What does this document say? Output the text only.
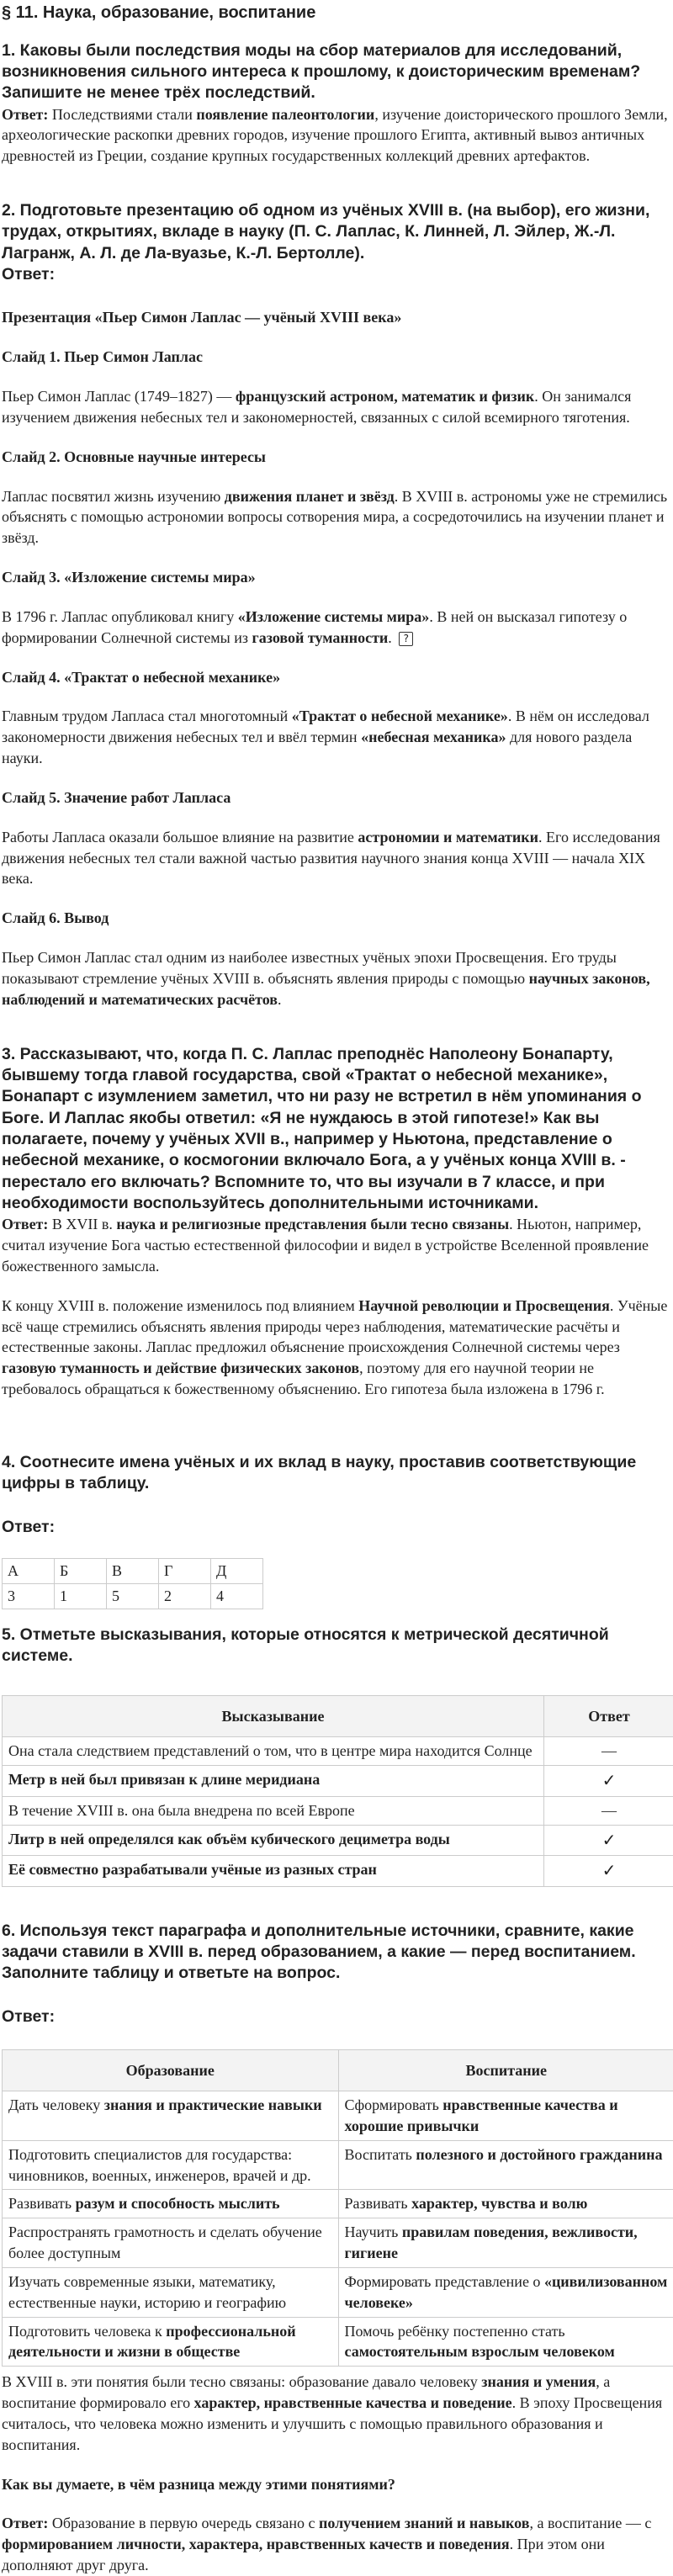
§ 11. Наука, образование, воспитание

1. Каковы были последствия моды на сбор материалов для исследований, возникновения сильного интереса к прошлому, к доисторическим временам? Запишите не менее трёх последствий.

Ответ: Последствиями стали появление палеонтологии, изучение доисторического прошлого Земли, археологические раскопки древних городов, изучение прошлого Египта, активный вывоз античных древностей из Греции, создание крупных государственных коллекций древних артефактов.

2. Подготовьте презентацию об одном из учёных XVIII в. (на выбор), его жизни, трудах, открытиях, вкладе в науку (П. С. Лаплас, К. Линней, Л. Эйлер, Ж.-Л. Лагранж, А. Л. де Ла-вуазье, К.-Л. Бертолле).

Ответ:

Презентация «Пьер Симон Лаплас — учёный XVIII века»

Слайд 1. Пьер Симон Лаплас

Пьер Симон Лаплас (1749–1827) — французский астроном, математик и физик. Он занимался изучением движения небесных тел и закономерностей, связанных с силой всемирного тяготения.

Слайд 2. Основные научные интересы

Лаплас посвятил жизнь изучению движения планет и звёзд. В XVIII в. астрономы уже не стремились объяснять с помощью астрономии вопросы сотворения мира, а сосредоточились на изучении планет и звёзд.

Слайд 3. «Изложение системы мира»

В 1796 г. Лаплас опубликовал книгу «Изложение системы мира». В ней он высказал гипотезу о формировании Солнечной системы из газовой туманности. ?

Слайд 4. «Трактат о небесной механике»

Главным трудом Лапласа стал многотомный «Трактат о небесной механике». В нём он исследовал закономерности движения небесных тел и ввёл термин «небесная механика» для нового раздела науки.

Слайд 5. Значение работ Лапласа

Работы Лапласа оказали большое влияние на развитие астрономии и математики. Его исследования движения небесных тел стали важной частью развития научного знания конца XVIII — начала XIX века.

Слайд 6. Вывод

Пьер Симон Лаплас стал одним из наиболее известных учёных эпохи Просвещения. Его труды показывают стремление учёных XVIII в. объяснять явления природы с помощью научных законов, наблюдений и математических расчётов.

3. Рассказывают, что, когда П. С. Лаплас преподнёс Наполеону Бонапарту, бывшему тогда главой государства, свой «Трактат о небесной механике», Бонапарт с изумлением заметил, что ни разу не встретил в нём упоминания о Боге. И Лаплас якобы ответил: «Я не нуждаюсь в этой гипотезе!» Как вы полагаете, почему у учёных XVII в., например у Ньютона, представление о небесной механике, о космогонии включало Бога, а у учёных конца XVIII в. - перестало его включать? Вспомните то, что вы изучали в 7 классе, и при необходимости воспользуйтесь дополнительными источниками.

Ответ: В XVII в. наука и религиозные представления были тесно связаны. Ньютон, например, считал изучение Бога частью естественной философии и видел в устройстве Вселенной проявление божественного замысла.

К концу XVIII в. положение изменилось под влиянием Научной революции и Просвещения. Учёные всё чаще стремились объяснять явления природы через наблюдения, математические расчёты и естественные законы. Лаплас предложил объяснение происхождения Солнечной системы через газовую туманность и действие физических законов, поэтому для его научной теории не требовалось обращаться к божественному объяснению. Его гипотеза была изложена в 1796 г.

4. Соотнесите имена учёных и их вклад в науку, проставив соответствующие цифры в таблицу.

Ответ:

А	Б	В	Г	Д
3	1	5	2	4

5. Отметьте высказывания, которые относятся к метрической десятичной системе.

Высказывание	Ответ
Она стала следствием представлений о том, что в центре мира находится Солнце	—
Метр в ней был привязан к длине меридиана	✓
В течение XVIII в. она была внедрена по всей Европе	—
Литр в ней определялся как объём кубического дециметра воды	✓
Её совместно разрабатывали учёные из разных стран	✓

6. Используя текст параграфа и дополнительные источники, сравните, какие задачи ставили в XVIII в. перед образованием, а какие — перед воспитанием. Заполните таблицу и ответьте на вопрос.

Ответ:

Образование	Воспитание
Дать человеку знания и практические навыки	Сформировать нравственные качества и хорошие привычки
Подготовить специалистов для государства: чиновников, военных, инженеров, врачей и др.	Воспитать полезного и достойного гражданина
Развивать разум и способность мыслить	Развивать характер, чувства и волю
Распространять грамотность и сделать обучение более доступным	Научить правилам поведения, вежливости, гигиене
Изучать современные языки, математику, естественные науки, историю и географию	Формировать представление о «цивилизованном человеке»
Подготовить человека к профессиональной деятельности и жизни в обществе	Помочь ребёнку постепенно стать самостоятельным взрослым человеком

В XVIII в. эти понятия были тесно связаны: образование давало человеку знания и умения, а воспитание формировало его характер, нравственные качества и поведение. В эпоху Просвещения считалось, что человека можно изменить и улучшить с помощью правильного образования и воспитания.

Как вы думаете, в чём разница между этими понятиями?

Ответ: Образование в первую очередь связано с получением знаний и навыков, а воспитание — с формированием личности, характера, нравственных качеств и поведения. При этом они дополняют друг друга.
